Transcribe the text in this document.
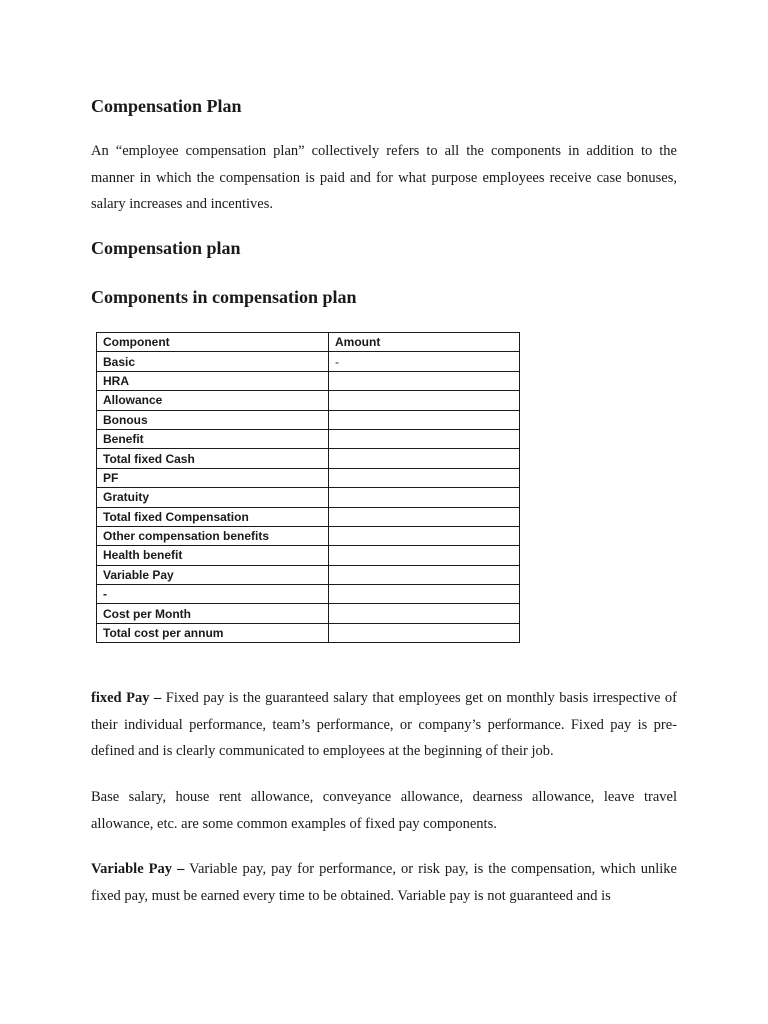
Compensation Plan

An “employee compensation plan” collectively refers to all the components in addition to the manner in which the compensation is paid and for what purpose employees receive case bonuses, salary increases and incentives.

Compensation plan
Components in compensation plan
Component	Amount
Basic	-
HRA	
Allowance	
Bonous	
Benefit	
Total fixed Cash	
PF	
Gratuity	
Total fixed Compensation	
Other compensation benefits	
Health benefit	
Variable Pay	
-	
Cost per Month	
Total cost per annum	

fixed Pay – Fixed pay is the guaranteed salary that employees get on monthly basis irrespective of their individual performance, team’s performance, or company’s performance. Fixed pay is pre-defined and is clearly communicated to employees at the beginning of their job.

Base salary, house rent allowance, conveyance allowance, dearness allowance, leave travel allowance, etc. are some common examples of fixed pay components.

Variable Pay – Variable pay, pay for performance, or risk pay, is the compensation, which unlike fixed pay, must be earned every time to be obtained. Variable pay is not guaranteed and is
